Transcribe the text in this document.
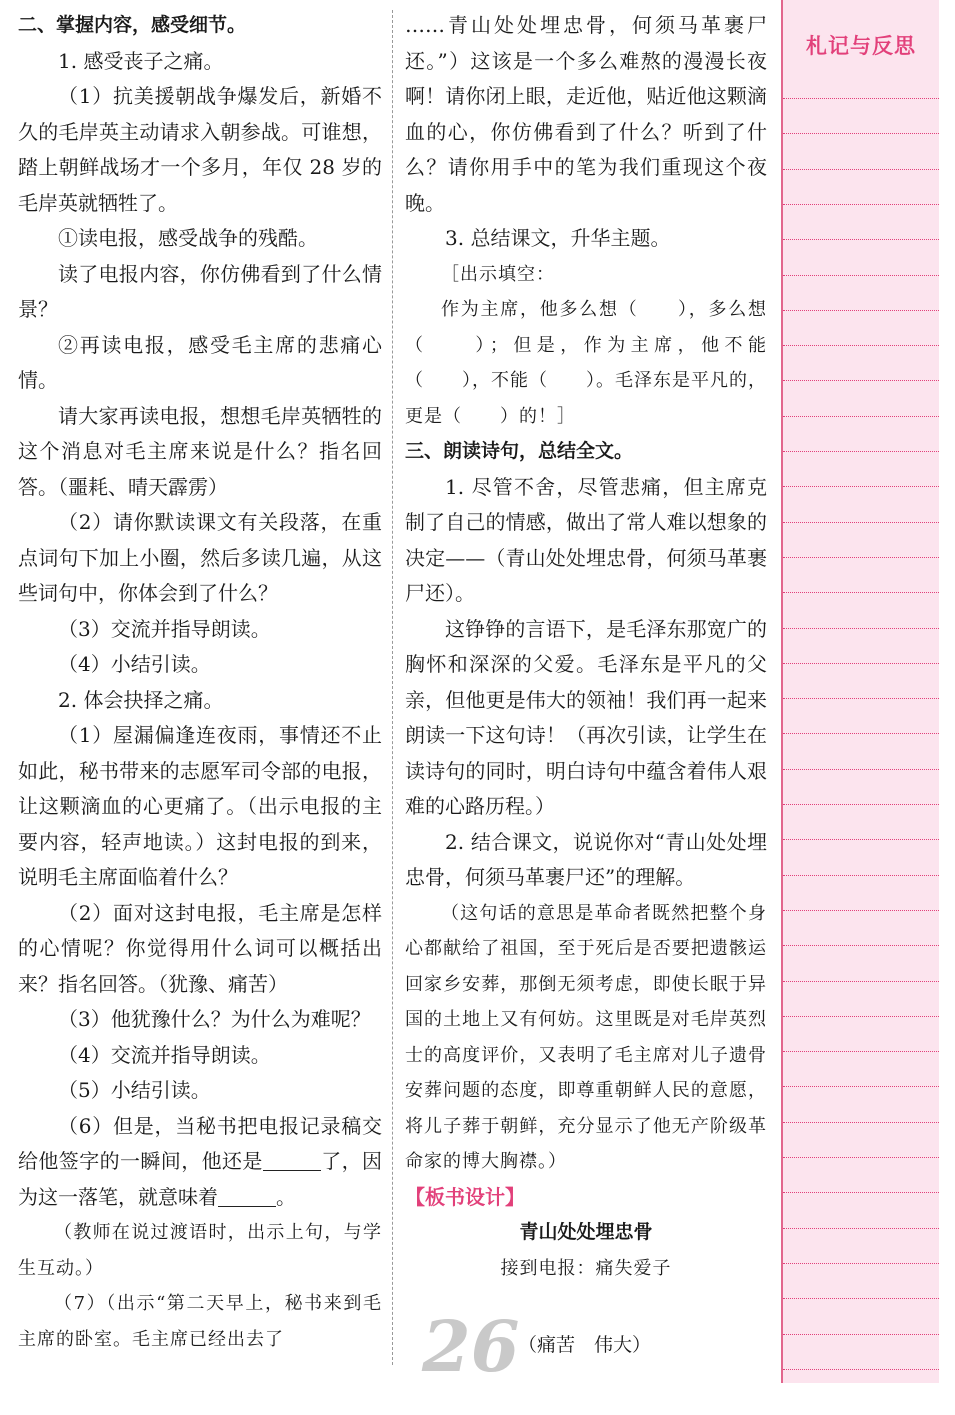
二、掌握内容，感受细节。

1. 感受丧子之痛。

（1）抗美援朝战争爆发后，新婚不久的毛岸英主动请求入朝参战。可谁想，踏上朝鲜战场才一个多月，年仅 28 岁的毛岸英就牺牲了。

①读电报，感受战争的残酷。

读了电报内容，你仿佛看到了什么情景？

②再读电报，感受毛主席的悲痛心情。

请大家再读电报，想想毛岸英牺牲的这个消息对毛主席来说是什么？指名回答。（噩耗、晴天霹雳）

（2）请你默读课文有关段落，在重点词句下加上小圈，然后多读几遍，从这些词句中，你体会到了什么？

（3）交流并指导朗读。

（4）小结引读。

2. 体会抉择之痛。

（1）屋漏偏逢连夜雨，事情还不止如此，秘书带来的志愿军司令部的电报，让这颗滴血的心更痛了。（出示电报的主要内容，轻声地读。）这封电报的到来，说明毛主席面临着什么？

（2）面对这封电报，毛主席是怎样的心情呢？你觉得用什么词可以概括出来？指名回答。（犹豫、痛苦）

（3）他犹豫什么？为什么为难呢？

（4）交流并指导朗读。

（5）小结引读。

（6）但是，当秘书把电报记录稿交给他签字的一瞬间，他还是	了，因为这一落笔，就意味着	。

（教师在说过渡语时，出示上句，与学生互动。）

（7）（出示“第二天早上，秘书来到毛主席的卧室。毛主席已经出去了

……青山处处埋忠骨，何须马革裹尸还。”）这该是一个多么难熬的漫漫长夜啊！请你闭上眼，走近他，贴近他这颗滴血的心，你仿佛看到了什么？听到了什么？请你用手中的笔为我们重现这个夜晚。

3. 总结课文，升华主题。

［出示填空：

作为主席，他多么想（　　），多么想（　　）；但是，作为主席，他不能（　　），不能（　　）。毛泽东是平凡的，更是（　　）的！］

三、朗读诗句，总结全文。

1. 尽管不舍，尽管悲痛，但主席克制了自己的情感，做出了常人难以想象的决定——（青山处处埋忠骨，何须马革裹尸还）。

这铮铮的言语下，是毛泽东那宽广的胸怀和深深的父爱。毛泽东是平凡的父亲，但他更是伟大的领袖！我们再一起来朗读一下这句诗！（再次引读，让学生在读诗句的同时，明白诗句中蕴含着伟人艰难的心路历程。）

2. 结合课文，说说你对“青山处处埋忠骨，何须马革裹尸还”的理解。

（这句话的意思是革命者既然把整个身心都献给了祖国，至于死后是否要把遗骸运回家乡安葬，那倒无须考虑，即使长眠于异国的土地上又有何妨。这里既是对毛岸英烈士的高度评价，又表明了毛主席对儿子遗骨安葬问题的态度，即尊重朝鲜人民的意愿，将儿子葬于朝鲜，充分显示了他无产阶级革命家的博大胸襟。）

【板书设计】

青山处处埋忠骨

接到电报：痛失爱子

（痛苦　伟大）
26
札记与反思
